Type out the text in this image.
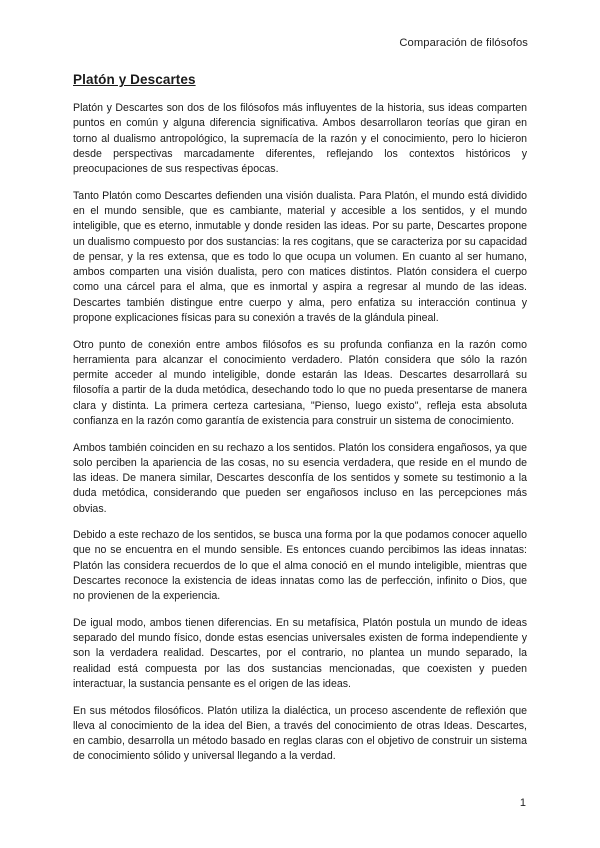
Comparación de filósofos
Platón y Descartes

Platón y Descartes son dos de los filósofos más influyentes de la historia, sus ideas comparten puntos en común y alguna diferencia significativa. Ambos desarrollaron teorías que giran en torno al dualismo antropológico, la supremacía de la razón y el conocimiento, pero lo hicieron desde perspectivas marcadamente diferentes, reflejando los contextos históricos y preocupaciones de sus respectivas épocas.

Tanto Platón como Descartes defienden una visión dualista. Para Platón, el mundo está dividido en el mundo sensible, que es cambiante, material y accesible a los sentidos, y el mundo inteligible, que es eterno, inmutable y donde residen las ideas. Por su parte, Descartes propone un dualismo compuesto por dos sustancias: la res cogitans, que se caracteriza por su capacidad de pensar, y la res extensa, que es todo lo que ocupa un volumen. En cuanto al ser humano, ambos comparten una visión dualista, pero con matices distintos. Platón considera el cuerpo como una cárcel para el alma, que es inmortal y aspira a regresar al mundo de las ideas. Descartes también distingue entre cuerpo y alma, pero enfatiza su interacción continua y propone explicaciones físicas para su conexión a través de la glándula pineal.

Otro punto de conexión entre ambos filósofos es su profunda confianza en la razón como herramienta para alcanzar el conocimiento verdadero. Platón considera que sólo la razón permite acceder al mundo inteligible, donde estarán las Ideas. Descartes desarrollará su filosofía a partir de la duda metódica, desechando todo lo que no pueda presentarse de manera clara y distinta. La primera certeza cartesiana, "Pienso, luego existo", refleja esta absoluta confianza en la razón como garantía de existencia para construir un sistema de conocimiento.

Ambos también coinciden en su rechazo a los sentidos. Platón los considera engañosos, ya que solo perciben la apariencia de las cosas, no su esencia verdadera, que reside en el mundo de las ideas. De manera similar, Descartes desconfía de los sentidos y somete su testimonio a la duda metódica, considerando que pueden ser engañosos incluso en las percepciones más obvias.

Debido a este rechazo de los sentidos, se busca una forma por la que podamos conocer aquello que no se encuentra en el mundo sensible. Es entonces cuando percibimos las ideas innatas: Platón las considera recuerdos de lo que el alma conoció en el mundo inteligible, mientras que Descartes reconoce la existencia de ideas innatas como las de perfección, infinito o Dios, que no provienen de la experiencia.

De igual modo, ambos tienen diferencias. En su metafísica, Platón postula un mundo de ideas separado del mundo físico, donde estas esencias universales existen de forma independiente y son la verdadera realidad. Descartes, por el contrario, no plantea un mundo separado, la realidad está compuesta por las dos sustancias mencionadas, que coexisten y pueden interactuar, la sustancia pensante es el origen de las ideas.

En sus métodos filosóficos. Platón utiliza la dialéctica, un proceso ascendente de reflexión que lleva al conocimiento de la idea del Bien, a través del conocimiento de otras Ideas. Descartes, en cambio, desarrolla un método basado en reglas claras con el objetivo de construir un sistema de conocimiento sólido y universal llegando a la verdad.

1
